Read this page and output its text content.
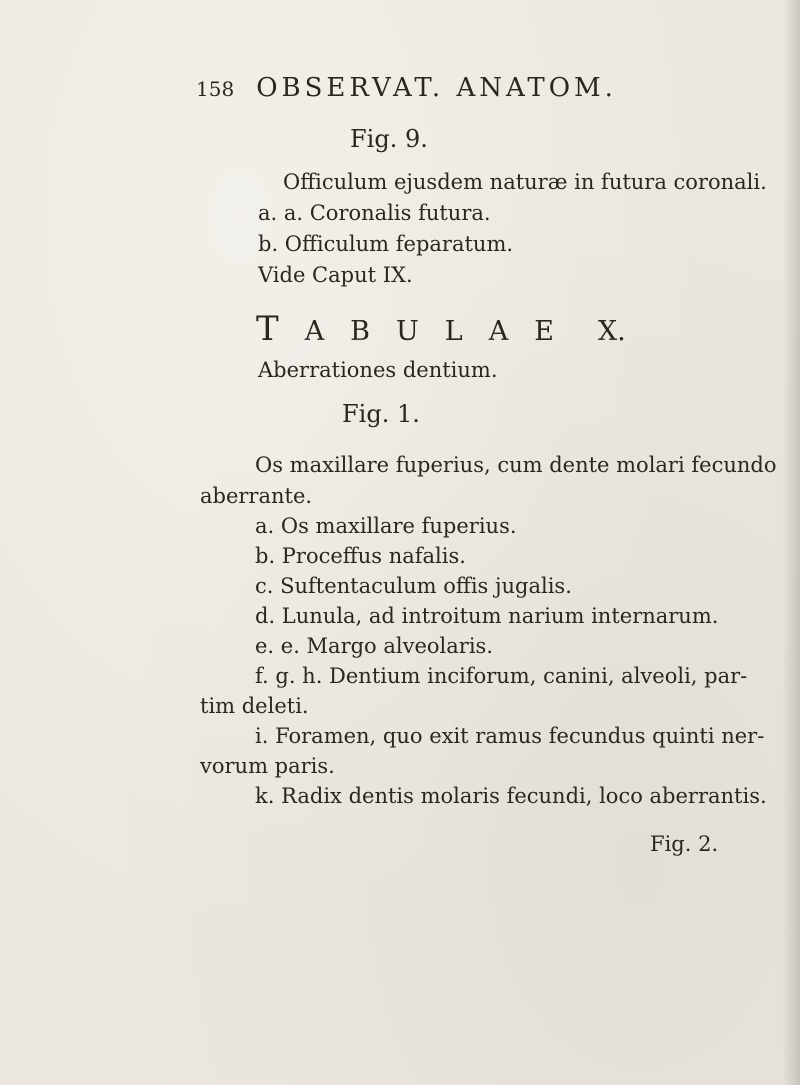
158 OBSERVAT. ANATOM.
Fig. 9.
Officulum ejusdem naturæ in futura coronali.
a. a. Coronalis futura.
b. Officulum feparatum.
Vide Caput IX.
TABULAE X.
Aberrationes dentium.
Fig. 1.
Os maxillare fuperius, cum dente molari fecundo
aberrante.
a. Os maxillare fuperius.
b. Proceffus nafalis.
c. Suftentaculum offis jugalis.
d. Lunula, ad introitum narium internarum.
e. e. Margo alveolaris.
f. g. h. Dentium inciforum, canini, alveoli, par-
tim deleti.
i. Foramen, quo exit ramus fecundus quinti ner-
vorum paris.
k. Radix dentis molaris fecundi, loco aberrantis.
Fig. 2.
